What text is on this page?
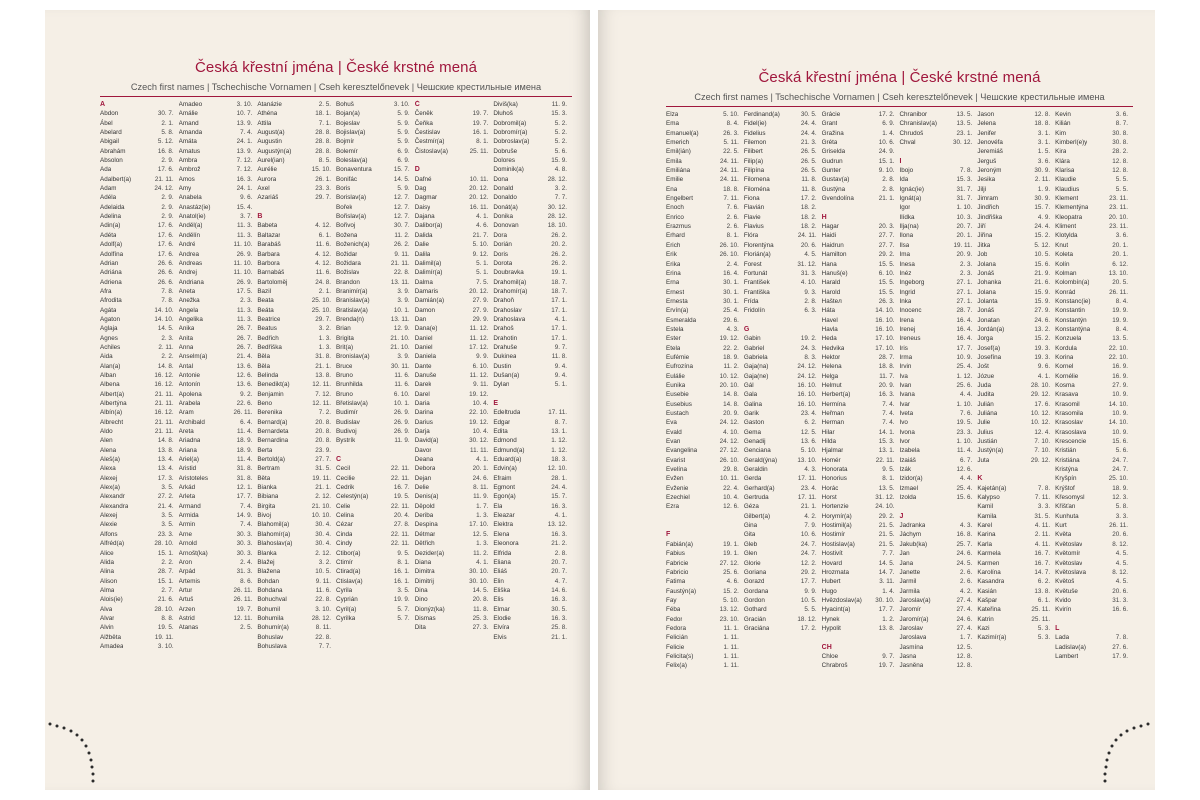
Česká křestní jména | České krstné mená
Czech first names | Tschechische Vornamen | Cseh keresztelőnevek | Чешские крестильные имена
A
Abdon	30. 7.
Ábel	2. 1.
Abelard	5. 8.
Abigail	5. 12.
Abrahám	16. 8.
Absolon	2. 9.
Ada	17. 6.
Adalbert(a)	21. 11.
Adam	24. 12.
Adéla	2. 9.
Adelaida	2. 9.
Adelina	2. 9.
Adin(a)	17. 6.
Adéta	17. 6.
Adolf(a)	17. 6.
Adolfína	17. 6.
Adrian	26. 6.
Adriána	26. 6.
Adriena	26. 6.
Afra	7. 8.
Afrodita	7. 8.
Agáta	14. 10.
Agaton	14. 10.
Aglaja	14. 5.
Agnes	2. 3.
Achiles	2. 11.
Aida	2. 2.
Alan(a)	14. 8.
Alban	16. 12.
Albena	16. 12.
Albert(a)	21. 11.
Albertýna	21. 11.
Albín(a)	16. 12.
Albrecht	21. 11.
Aldo	21. 11.
Alen	14. 8.
Alena	13. 8.
Aleš(a)	13. 4.
Alexa	13. 4.
Alexej	17. 3.
Alex(a)	3. 5.
Alexandr	27. 2.
Alexandra	21. 4.
Alexej	3. 5.
Alexie	3. 5.
Alfons	23. 3.
Alfréd(a)	28. 10.
Alice	15. 1.
Alida	2. 2.
Alina	28. 7.
Alison	15. 1.
Alma	2. 7.
Alois(ie)	21. 6.
Alva	28. 10.
Alvar	8. 8.
Alvin	19. 5.
Alžběta	19. 11.
Amadea	3. 10.
Amadeo	3. 10.
Amálie	10. 7.
Amand	13. 9.
Amanda	7. 4.
Amáta	24. 1.
Amatus	13. 9.
Ambra	7. 12.
Ambrož	7. 12.
Amos	16. 3.
Amy	24. 1.
Anabela	9. 6.
Anastáz(ie)	15. 4.
Anatol(ie)	3. 7.
Anděl(a)	11. 3.
Andělín	11. 3.
André	11. 10.
Andrea	26. 9.
Andreas	11. 10.
Andrej	11. 10.
Andriana	26. 9.
Aneta	17. 5.
Anežka	2. 3.
Angela	11. 3.
Angelika	11. 3.
Anika	26. 7.
Anita	26. 7.
Anna	26. 7.
Anselm(a)	21. 4.
Antal	13. 6.
Antonie	12. 6.
Antonín	13. 6.
Apolena	9. 2.
Arabela	22. 6.
Aram	26. 11.
Archibald	6. 4.
Areta	11. 4.
Ariadna	18. 9.
Ariana	18. 9.
Ariel(a)	11. 4.
Aristid	31. 8.
Aristoteles	31. 8.
Arkád	12. 1.
Arleta	17. 7.
Armand	7. 4.
Armida	14. 9.
Armin	7. 4.
Arne	30. 3.
Arnold	30. 3.
Arnošt(ka)	30. 3.
Aron	2. 4.
Arpád	31. 3.
Artemis	8. 6.
Artur	26. 11.
Artuš	26. 11.
Arzen	19. 7.
Astrid	12. 11.
Atanas	2. 5.
Atanázie	2. 5.
Athéna	18. 1.
Attila	7. 1.
August(a)	28. 8.
Augustin	28. 8.
Augustýn(a)	28. 8.
Aurel(ian)	8. 5.
Aurélie	15. 10.
Aurora	26. 1.
Axel	23. 3.
Azariáš	29. 7.
B
Babeta	4. 12.
Baltazar	6. 1.
Barabáš	11. 6.
Barbara	4. 12.
Barbora	4. 12.
Barnabáš	11. 6.
Bartoloměj	24. 8.
Bazil	2. 1.
Beata	25. 10.
Beáta	25. 10.
Beatrice	29. 7.
Beatus	3. 2.
Bedřich	1. 3.
Bedřiška	1. 3.
Běla	31. 8.
Běla	21. 1.
Belinda	13. 8.
Benedikt(a)	12. 11.
Benjamin	7. 12.
Beno	12. 11.
Berenika	7. 2.
Bernard(a)	20. 8.
Bernardeta	20. 8.
Bernardina	20. 8.
Berta	23. 9.
Bertold(a)	27. 7.
Bertram	31. 5.
Běta	19. 11.
Bianka	21. 1.
Bibiana	2. 12.
Birgita	21. 10.
Bivoj	10. 10.
Blahomil(a)	30. 4.
Blahomír(a)	30. 4.
Blahoslav(a)	30. 4.
Blanka	2. 12.
Blažej	3. 2.
Blažena	10. 5.
Bohdan	9. 11.
Bohdana	11. 6.
Bohuchval	22. 8.
Bohumil	3. 10.
Bohumila	28. 12.
Bohumír(a)	8. 11.
Bohuslav	22. 8.
Bohuslava	7. 7.
Bohuš	3. 10.
Bojan(a)	5. 9.
Bojeslav	5. 9.
Bojislav(a)	5. 9.
Bojmír	5. 9.
Bolemír	6. 9.
Boleslav(a)	6. 9.
Bonaventura	15. 7.
Bonifác	14. 5.
Boris	5. 9.
Borislav(a)	12. 7.
Bořek	12. 7.
Bořislav(a)	12. 7.
Bořivoj	30. 7.
Božena	11. 2.
Boženich(a)	26. 2.
Božidar	9. 11.
Božidara	21. 11.
Božislav	22. 8.
Brandon	13. 11.
Branimír(a)	3. 9.
Branislav(a)	3. 9.
Bratislav(a)	10. 1.
Brenda(n)	13. 11.
Brian	12. 9.
Brigita	21. 10.
Brit(a)	21. 10.
Bronislav(a)	3. 9.
Bruce	30. 11.
Bruno	11. 6.
Brunhilda	11. 6.
Bruno	6. 10.
Břetislav(a)	10. 1.
Budimír	26. 9.
Budislav	26. 9.
Budivoj	26. 9.
Bystrík	11. 9.
C
Cecil	22. 11.
Cecilie	22. 11.
Cedrik	16. 7.
Celestýn(a)	19. 5.
Celie	22. 11.
Celina	20. 4.
Cézar	27. 8.
Cinda	22. 11.
Cindy	22. 11.
Ctibor(a)	9. 5.
Ctimír	8. 1.
Ctirad(a)	16. 1.
Ctislav(a)	16. 1.
Cyrila	3. 5.
Cyprián	19. 9.
Cyril(a)	5. 7.
Cyrilka	5. 7.
Č
Čeněk	19. 7.
Čeňka	19. 7.
Čestislav	16. 1.
Čestmír(a)	8. 1.
Čistoslav(a)	25. 11.
D
Dafné	10. 11.
Dag	20. 12.
Dagmar	20. 12.
Daisy	16. 11.
Dajana	4. 1.
Dalibor(a)	4. 6.
Dalida	21. 7.
Dalie	5. 10.
Dalila	9. 12.
Dalimil(a)	5. 1.
Dalimír(a)	5. 1.
Dalma	7. 5.
Damaris	20. 12.
Damián(a)	27. 9.
Damon	27. 9.
Dan	29. 9.
Dana(e)	11. 12.
Daniel	11. 12.
Daniel	17. 12.
Daniela	9. 9.
Dante	6. 10.
Danuše	11. 12.
Darek	9. 11.
Darel	19. 12.
Daria	10. 4.
Darina	22. 10.
Darius	19. 12.
Darja	10. 4.
David(a)	30. 12.
Davor	11. 11.
Deana	4. 1.
Debora	20. 1.
Dejan	24. 6.
Delie	8. 11.
Denis(a)	11. 9.
Děpold	1. 7.
Deriba	1. 3.
Despina	17. 10.
Détmar	12. 5.
Dětřich	1. 3.
Dezider(a)	11. 2.
Diana	4. 1.
Dimitra	30. 10.
Dimitrij	30. 10.
Dina	14. 5.
Dino	20. 8.
Dionýz(ka)	11. 8.
Dismas	25. 3.
Dita	27. 3.
Diviš(ka)	11. 9.
Dluhoš	15. 3.
Dobromil(a)	5. 2.
Dobromír(a)	5. 2.
Dobroslav(a)	5. 2.
Dobruše	5. 6.
Dolores	15. 9.
Dominik(a)	4. 8.
Dona	28. 12.
Donald	3. 2.
Donaldo	7. 7.
Donát(a)	30. 12.
Donika	28. 12.
Donovan	18. 10.
Dora	26. 2.
Dorián	20. 2.
Doris	26. 2.
Dorota	26. 2.
Doubravka	19. 1.
Drahomil(a)	18. 7.
Drahomír(a)	18. 7.
Drahoň	17. 1.
Drahoslav	17. 1.
Drahoslava	4. 1.
Drahoš	17. 1.
Drahotin	17. 1.
Drahuše	9. 7.
Dukinea	11. 8.
Dustin	9. 4.
Dušan(a)	9. 4.
Dylan	5. 1.
E
Edeltruda	17. 11.
Edgar	8. 7.
Edita	13. 1.
Edmond	1. 12.
Edmund(a)	1. 12.
Eduard(a)	18. 3.
Edvin(a)	12. 10.
Efraim	28. 1.
Egmont	24. 4.
Egon(a)	15. 7.
Ela	16. 3.
Eleazar	4. 1.
Elektra	13. 12.
Elena	16. 3.
Eleonora	21. 2.
Elfrida	2. 8.
Eliana	20. 7.
Eliáš	20. 7.
Elin	4. 7.
Eliška	14. 6.
Elis	16. 3.
Elmar	30. 5.
Elodie	16. 3.
Elvíra	25. 8.
Elvis	21. 1.
Česká křestní jména | České krstné mená
Czech first names | Tschechische Vornamen | Cseh keresztelőnevek | Чешские крестильные имена
Elza	5. 10.
Ema	8. 4.
Emanuel(a)	26. 3.
Emerich	5. 11.
Emil(ián)	22. 5.
Emila	24. 11.
Emiliána	24. 11.
Emilie	24. 11.
Ena	18. 8.
Engelbert	7. 11.
Enoch	7. 6.
Enrico	2. 6.
Erazmus	2. 6.
Erhard	8. 1.
Erich	26. 10.
Erik	26. 10.
Erika	2. 4.
Erina	16. 4.
Erna	30. 1.
Ernest	30. 1.
Ernesta	30. 1.
Ervín(a)	25. 4.
Esmeralda	29. 6.
Estela	4. 3.
Ester	19. 12.
Etela	22. 2.
Eufémie	18. 9.
Eufrozína	11. 2.
Eulálie	10. 12.
Eunika	20. 10.
Eusebie	14. 8.
Eusebius	14. 8.
Eustach	20. 9.
Eva	24. 12.
Evald	4. 10.
Evan	24. 12.
Evangelina	27. 12.
Evarist	26. 10.
Evelína	29. 8.
Evžen	10. 11.
Evženie	22. 4.
Ezechiel	10. 4.
Ezra	12. 6.
F
Fabián(a)	19. 1.
Fabius	19. 1.
Fabricie	27. 12.
Fabricio	25. 6.
Fatima	4. 6.
Faustýn(a)	15. 2.
Fay	5. 10.
Féba	13. 12.
Fedor	23. 10.
Fedora	11. 1.
Felicián	1. 11.
Felicie	1. 11.
Felicita(s)	1. 11.
Felix(a)	1. 11.
Ferdinand(a)	30. 5.
Fidel(ie)	24. 4.
Fidelius	24. 4.
Filemon	21. 3.
Filibert	26. 5.
Filip(a)	26. 5.
Filipína	26. 5.
Filomena	11. 8.
Filoména	11. 8.
Fiona	17. 2.
Flavián	18. 2.
Flavie	18. 2.
Flavius	18. 2.
Flóra	24. 11.
Florentýna	20. 6.
Florián(a)	4. 5.
Forest	31. 12.
Fortunát	31. 3.
František	4. 10.
Františka	9. 3.
Frída	2. 8.
Fridolín	6. 3.
G
Gabin	19. 2.
Gabriel	24. 3.
Gabriela	8. 3.
Gaja(na)	24. 12.
Gaja(ne)	24. 12.
Gál	16. 10.
Gala	16. 10.
Galina	16. 10.
Garik	23. 4.
Gaston	6. 2.
Gema	12. 5.
Genadij	13. 6.
Genciana	5. 10.
Gerald(ýna)	13. 10.
Geraldin	4. 3.
Gerda	17. 11.
Gerhard(a)	23. 4.
Gertruda	17. 11.
Géza	21. 1.
Gilbert(a)	4. 2.
Gina	7. 9.
Gita	10. 6.
Gleb	24. 7.
Glen	24. 7.
Glorie	12. 2.
Goriana	29. 2.
Gorazd	17. 7.
Gordana	9. 9.
Gordon	10. 5.
Gothard	5. 5.
Gracián	18. 12.
Graciána	17. 2.
Grácie	17. 2.
Grant	6. 9.
Gražina	1. 4.
Gréta	10. 6.
Griselda	24. 9.
Gudrun	15. 1.
Gunter	9. 10.
Gustav(a)	2. 8.
Gustýna	2. 8.
Gvendolína	21. 1.
H
Hagar	20. 3.
Haidi	27. 7.
Haidrun	27. 7.
Hamilton	29. 2.
Hana	15. 5.
Hanuš(e)	6. 10.
Harald	15. 5.
Harold	15. 5.
Hašteл	26. 3.
Háta	14. 10.
Havel	16. 10.
Havla	16. 10.
Heda	17. 10.
Hedvika	17. 10.
Hektor	28. 7.
Helena	18. 8.
Helga	11. 7.
Helmut	20. 9.
Herbert(a)	16. 3.
Hermína	7. 4.
Heřman	7. 4.
Herman	7. 4.
Hilar	14. 1.
Hilda	15. 3.
Hjalmar	13. 1.
Homér	22. 11.
Honorata	9. 5.
Honorius	8. 1.
Horác	13. 5.
Horst	31. 12.
Hortenzie	24. 10.
Horymír(a)	29. 2.
Hostimil(a)	21. 5.
Hostimír	21. 5.
Hostislav(a)	21. 5.
Hostivít	7. 7.
Hovard	14. 5.
Hrozmata	14. 7.
Hubert	3. 11.
Hugo	1. 4.
Hvězdoslav(a)	30. 10.
Hyacint(a)	17. 7.
Hynek	1. 2.
Hypolit	13. 8.
CH
Chloe	9. 7.
Chrabroš	19. 7.
Chranibor	13. 5.
Chranislav(a)	13. 5.
Chrudoš	23. 1.
Chval	30. 12.
I
Ibojo	7. 8.
Ida	15. 3.
Ignác(ie)	31. 7.
Ignát(a)	31. 7.
Igor	1. 10.
Ilídka	10. 3.
Ilja(na)	20. 7.
Ilona	20. 1.
Ilsa	19. 11.
Ima	20. 9.
Inesa	2. 3.
Inéz	2. 3.
Ingeborg	27. 1.
Ingrid	27. 1.
Inka	27. 1.
Inocenc	28. 7.
Irena	16. 4.
Irenej	16. 4.
Ireneus	16. 4.
Iris	17. 7.
Irma	10. 9.
Irvin	25. 4.
Iva	1. 12.
Ivan	25. 6.
Ivana	4. 4.
Ivar	1. 10.
Iveta	7. 6.
Ivo	19. 5.
Ivona	23. 3.
Ivor	1. 10.
Izabela	11. 4.
Izaiáš	6. 7.
Izák	12. 6.
Izidor(a)	4. 4.
Izmael	25. 4.
Izolda	15. 6.
J
Jadranka	4. 3.
Jáchym	16. 8.
Jakub(ka)	25. 7.
Jan	24. 6.
Jana	24. 5.
Janette	2. 6.
Jarmil	2. 6.
Jarmila	4. 2.
Jaroslav(a)	27. 4.
Jaromír	27. 4.
Jaromír(a)	24. 6.
Jaroslav	27. 4.
Jaroslava	1. 7.
Jasmína	12. 5.
Jasna	12. 8.
Jasněna	12. 8.
Jason	12. 8.
Jelena	18. 8.
Jenifer	3. 1.
Jenovéfa	3. 1.
Jeremiáš	1. 5.
Jerguš	3. 6.
Jeroným	30. 9.
Jesika	2. 11.
Jiljí	1. 9.
Jimram	30. 9.
Jindřich	15. 7.
Jindřiška	4. 9.
Jiří	24. 4.
Jiřina	15. 2.
Jitka	5. 12.
Job	10. 5.
Jolana	15. 6.
Jonáš	21. 9.
Johanka	21. 6.
Jolana	15. 9.
Jolanta	15. 9.
Jonáš	27. 9.
Jonatan	24. 6.
Jordán(a)	13. 2.
Jorga	15. 2.
Josef(a)	19. 3.
Josefína	19. 3.
Jošt	9. 6.
Józue	4. 1.
Juda	28. 10.
Judita	29. 12.
Julián	17. 6.
Juliána	10. 12.
Julie	10. 12.
Julius	12. 4.
Justián	7. 10.
Justýn(a)	7. 10.
Juta	29. 12.
K
Kajetán(a)	7. 8.
Kalypso	7. 11.
Kamil	3. 3.
Kamila	31. 5.
Karel	4. 11.
Karina	2. 11.
Karla	4. 11.
Karmela	16. 7.
Karmen	16. 7.
Karolína	14. 7.
Kasandra	6. 2.
Kasián	13. 8.
Kašpar	6. 1.
Kateřina	25. 11.
Katrin	25. 11.
Kazi	5. 3.
Kazimír(a)	5. 3.
Kevin	3. 6.
Kilián	8. 7.
Kim	30. 8.
Kimberl(e)y	30. 8.
Kira	28. 2.
Klára	12. 8.
Klarisa	12. 8.
Klaudie	5. 5.
Klaudius	5. 5.
Klement	23. 11.
Klementýna	23. 11.
Kleopatra	20. 10.
Kliment	23. 11.
Klotylda	3. 6.
Knut	20. 1.
Koleta	20. 1.
Kolín	6. 12.
Kolman	13. 10.
Kolombín(a)	20. 5.
Konrád	26. 11.
Konstanc(ie)	8. 4.
Konstantin	19. 9.
Konstantýn	19. 9.
Konstantýna	8. 4.
Konzuela	13. 5.
Kordula	22. 10.
Korina	22. 10.
Kornel	16. 9.
Kornélie	16. 9.
Kosma	27. 9.
Krasava	10. 9.
Krasomil	14. 10.
Krasomila	10. 9.
Krasoslav	14. 10.
Krasoslava	10. 9.
Krescencie	15. 6.
Kristián	5. 6.
Kristiána	24. 7.
Kristýna	24. 7.
Kryšpín	25. 10.
Krýštof	18. 9.
Křesomysl	12. 3.
Křišťan	5. 8.
Kunhuta	3. 3.
Kurt	26. 11.
Květa	20. 6.
Květoslav	8. 12.
Květomír	4. 5.
Květoslav	4. 5.
Květoslava	8. 12.
Květoš	4. 5.
Květuše	20. 6.
Kvido	31. 3.
Kvirín	16. 6.
L
Lada	7. 8.
Ladislav(a)	27. 6.
Lambert	17. 9.
